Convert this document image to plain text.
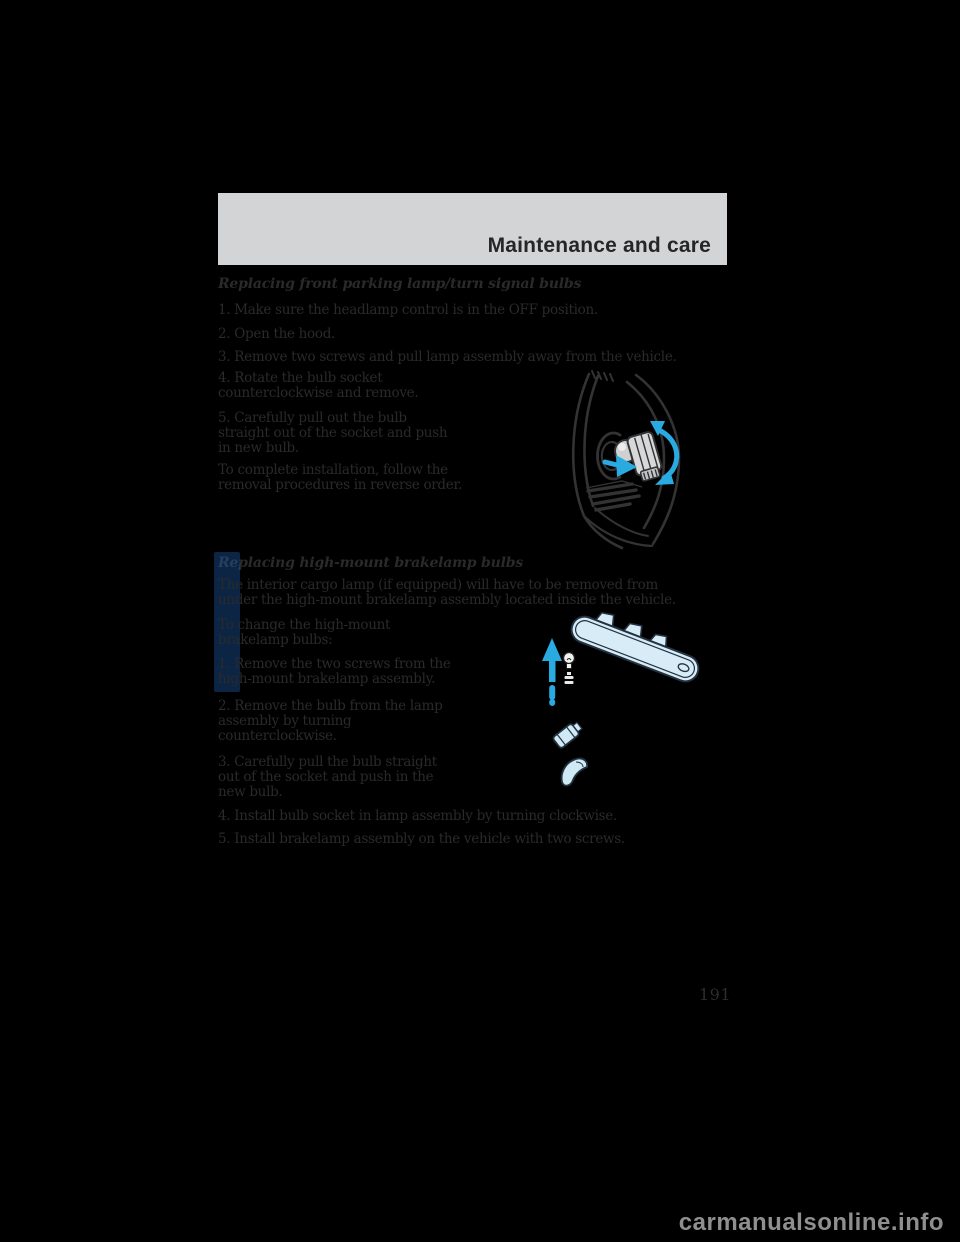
Maintenance and care
Replacing front parking lamp/turn signal bulbs
1. Make sure the headlamp control is in the OFF position.
2. Open the hood.
3. Remove two screws and pull lamp assembly away from the vehicle.
4. Rotate the bulb socket
counterclockwise and remove.
5. Carefully pull out the bulb
straight out of the socket and push
in new bulb.
To complete installation, follow the
removal procedures in reverse order.
Replacing high-mount brakelamp bulbs
The interior cargo lamp (if equipped) will have to be removed from
under the high-mount brakelamp assembly located inside the vehicle.
To change the high-mount
brakelamp bulbs:
1. Remove the two screws from the
high-mount brakelamp assembly.
2. Remove the bulb from the lamp
assembly by turning
counterclockwise.
3. Carefully pull the bulb straight
out of the socket and push in the
new bulb.
4. Install bulb socket in lamp assembly by turning clockwise.
5. Install brakelamp assembly on the vehicle with two screws.
191
carmanualsonline.info
